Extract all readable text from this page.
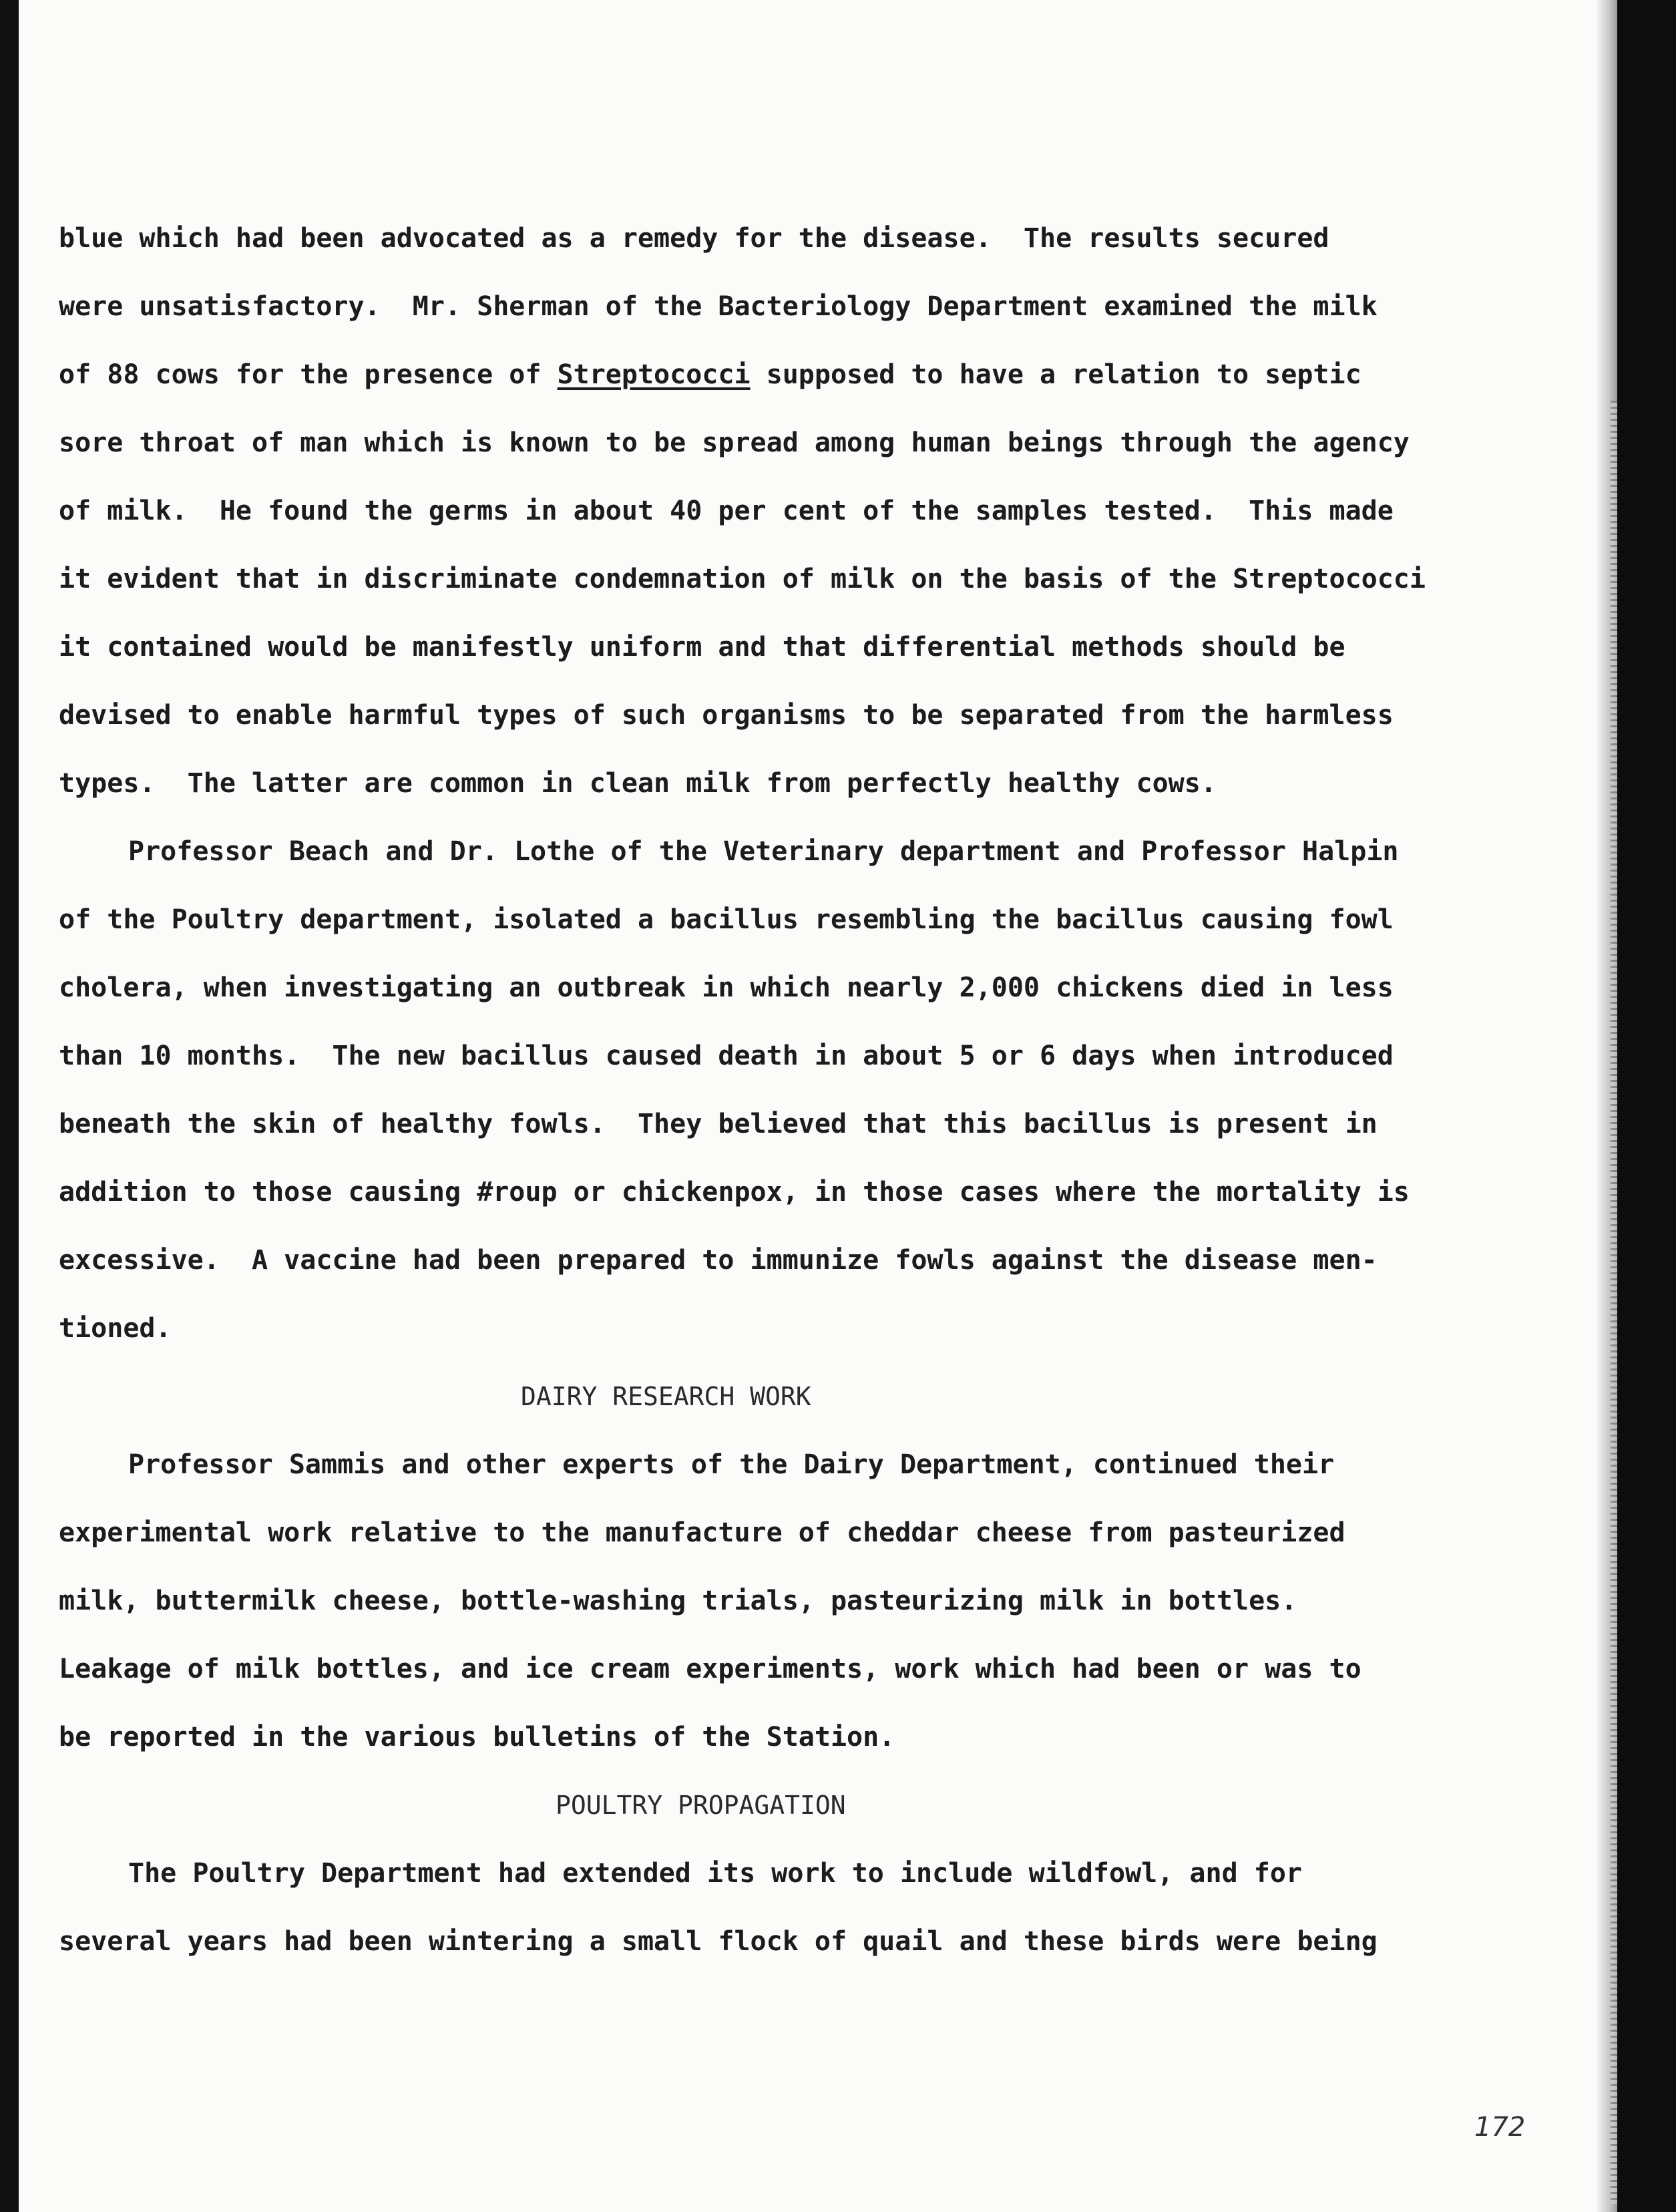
blue which had been advocated as a remedy for the disease.  The results secured
were unsatisfactory.  Mr. Sherman of the Bacteriology Department examined the milk
of 88 cows for the presence of Streptococci supposed to have a relation to septic
sore throat of man which is known to be spread among human beings through the agency
of milk.  He found the germs in about 40 per cent of the samples tested.  This made
it evident that in discriminate condemnation of milk on the basis of the Streptococci
it contained would be manifestly uniform and that differential methods should be
devised to enable harmful types of such organisms to be separated from the harmless
types.  The latter are common in clean milk from perfectly healthy cows.
Professor Beach and Dr. Lothe of the Veterinary department and Professor Halpin
of the Poultry department, isolated a bacillus resembling the bacillus causing fowl
cholera, when investigating an outbreak in which nearly 2,000 chickens died in less
than 10 months.  The new bacillus caused death in about 5 or 6 days when introduced
beneath the skin of healthy fowls.  They believed that this bacillus is present in
addition to those causing #roup or chickenpox, in those cases where the mortality is
excessive.  A vaccine had been prepared to immunize fowls against the disease men-
tioned.
DAIRY RESEARCH WORK
Professor Sammis and other experts of the Dairy Department, continued their
experimental work relative to the manufacture of cheddar cheese from pasteurized
milk, buttermilk cheese, bottle-washing trials, pasteurizing milk in bottles.
Leakage of milk bottles, and ice cream experiments, work which had been or was to
be reported in the various bulletins of the Station.
POULTRY PROPAGATION
The Poultry Department had extended its work to include wildfowl, and for
several years had been wintering a small flock of quail and these birds were being
172
